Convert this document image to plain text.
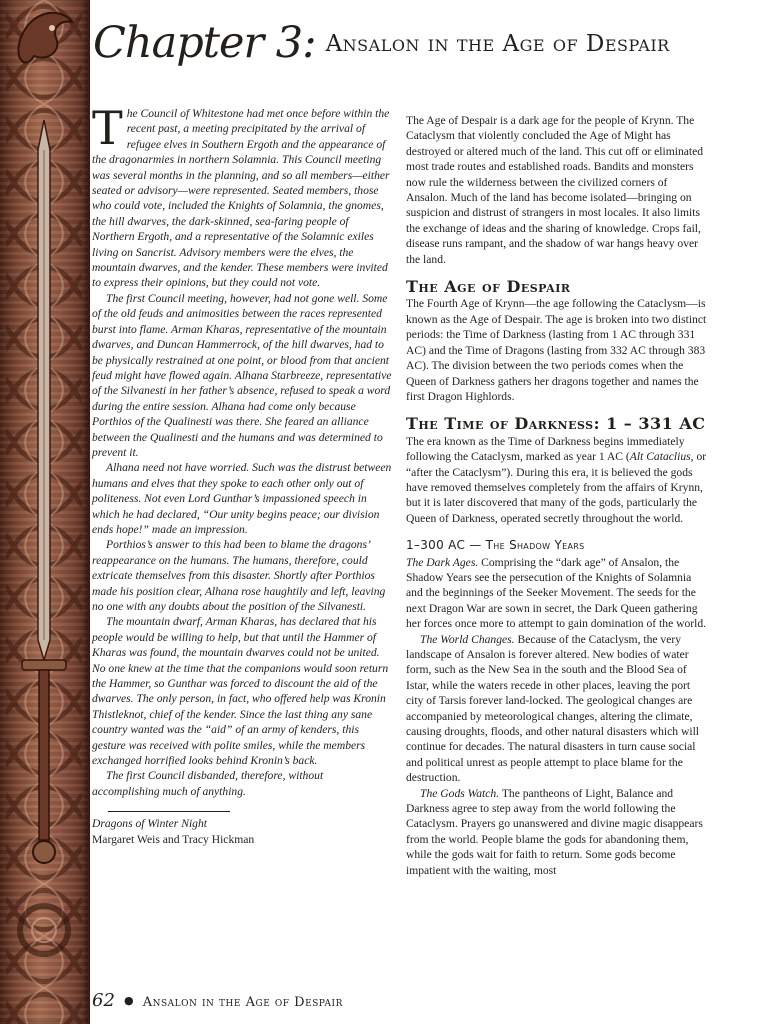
Chapter 3: Ansalon in the Age of Despair

The Council of Whitestone had met once before within the recent past, a meeting precipitated by the arrival of refugee elves in Southern Ergoth and the appearance of the dragonarmies in northern Solamnia. This Council meeting was several months in the planning, and so all members—either seated or advisory—were represented. Seated members, those who could vote, included the Knights of Solamnia, the gnomes, the hill dwarves, the dark-skinned, sea-faring people of Northern Ergoth, and a representative of the Solamnic exiles living on Sancrist. Advisory members were the elves, the mountain dwarves, and the kender. These members were invited to express their opinions, but they could not vote.

The first Council meeting, however, had not gone well. Some of the old feuds and animosities between the races represented burst into flame. Arman Kharas, representative of the mountain dwarves, and Duncan Hammerrock, of the hill dwarves, had to be physically restrained at one point, or blood from that ancient feud might have flowed again. Alhana Starbreeze, representative of the Silvanesti in her father’s absence, refused to speak a word during the entire session. Alhana had come only because Porthios of the Qualinesti was there. She feared an alliance between the Qualinesti and the humans and was determined to prevent it.

Alhana need not have worried. Such was the distrust between humans and elves that they spoke to each other only out of politeness. Not even Lord Gunthar’s impassioned speech in which he had declared, “Our unity begins peace; our division ends hope!” made an impression.

Porthios’s answer to this had been to blame the dragons’ reappearance on the humans. The humans, therefore, could extricate themselves from this disaster. Shortly after Porthios made his position clear, Alhana rose haughtily and left, leaving no one with any doubts about the position of the Silvanesti.

The mountain dwarf, Arman Kharas, has declared that his people would be willing to help, but that until the Hammer of Kharas was found, the mountain dwarves could not be united. No one knew at the time that the companions would soon return the Hammer, so Gunthar was forced to discount the aid of the dwarves. The only person, in fact, who offered help was Kronin Thistleknot, chief of the kender. Since the last thing any sane country wanted was the “aid” of an army of kenders, this gesture was received with polite smiles, while the members exchanged horrified looks behind Kronin’s back.

The first Council disbanded, therefore, without accomplishing much of anything.

Dragons of Winter Night

Margaret Weis and Tracy Hickman

The Age of Despair is a dark age for the people of Krynn. The Cataclysm that violently concluded the Age of Might has destroyed or altered much of the land. This cut off or eliminated most trade routes and established roads. Bandits and monsters now rule the wilderness between the civilized corners of Ansalon. Much of the land has become isolated—bringing on suspicion and distrust of strangers in most locales. It also limits the exchange of ideas and the sharing of knowledge. Crops fail, disease runs rampant, and the shadow of war hangs heavy over the land.

The Age of Despair

The Fourth Age of Krynn—the age following the Cataclysm—is known as the Age of Despair. The age is broken into two distinct periods: the Time of Darkness (lasting from 1 AC through 331 AC) and the Time of Dragons (lasting from 332 AC through 383 AC). The division between the two periods comes when the Queen of Darkness gathers her dragons together and names the first Dragon Highlords.

The Time of Darkness: 1 – 331 AC

The era known as the Time of Darkness begins immediately following the Cataclysm, marked as year 1 AC (Alt Cataclius, or “after the Cataclysm”). During this era, it is believed the gods have removed themselves completely from the affairs of Krynn, but it is later discovered that many of the gods, particularly the Queen of Darkness, operated secretly throughout the world.

1–300 AC — The Shadow Years

The Dark Ages. Comprising the “dark age” of Ansalon, the Shadow Years see the persecution of the Knights of Solamnia and the beginnings of the Seeker Movement. The seeds for the next Dragon War are sown in secret, the Dark Queen gathering her forces once more to attempt to gain domination of the world.

The World Changes. Because of the Cataclysm, the very landscape of Ansalon is forever altered. New bodies of water form, such as the New Sea in the south and the Blood Sea of Istar, while the waters recede in other places, leaving the port city of Tarsis forever land-locked. The geological changes are accompanied by meteorological changes, altering the climate, causing droughts, floods, and other natural disasters which will continue for decades. The natural disasters in turn cause social and political unrest as people attempt to place blame for the destruction.

The Gods Watch. The pantheons of Light, Balance and Darkness agree to step away from the world following the Cataclysm. Prayers go unanswered and divine magic disappears from the world. People blame the gods for abandoning them, while the gods wait for faith to return. Some gods become impatient with the waiting, most

62 ● Ansalon in the Age of Despair
